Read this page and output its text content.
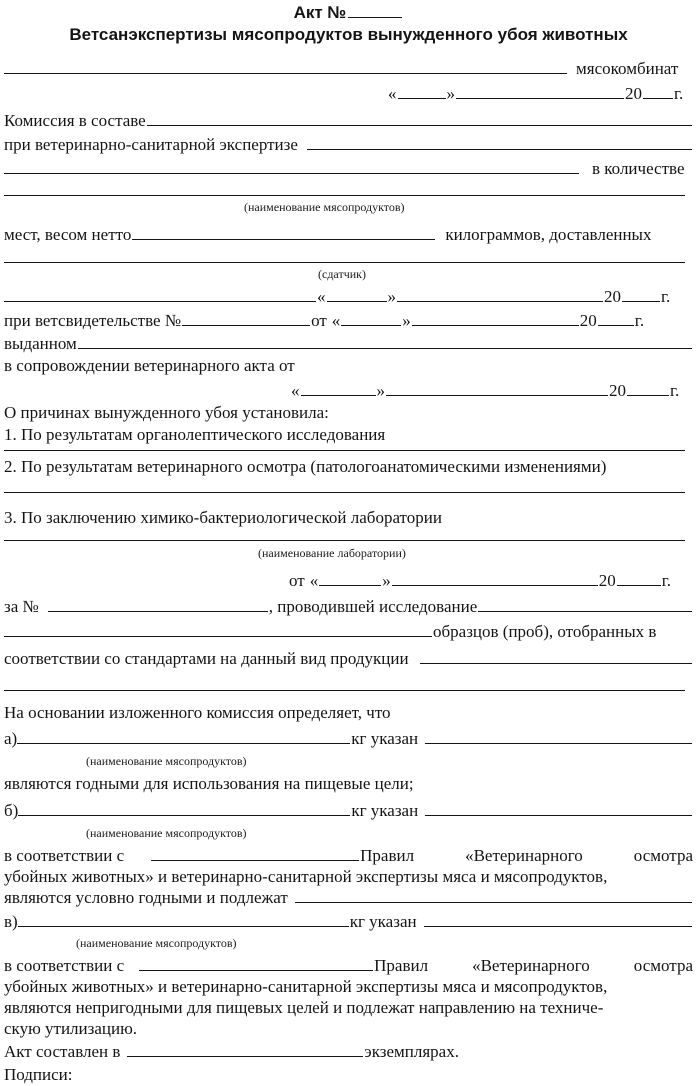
Акт №
Ветсанэкспертизы мясопродуктов вынужденного убоя животных
мясокомбинат
«	»	20 г.
Комиссия в составе
при ветеринарно-санитарной экспертизе
в количестве
(наименование мясопродуктов)
мест, весом нетто	килограммов, доставленных
(сдатчик)
«	»	20 г.
при ветсвидетельстве №	от «	»	20 г.
выданном
в сопровождении ветеринарного акта от
«	»	20	г.
О причинах вынужденного убоя установила:
1. По результатам органолептического исследования
2. По результатам ветеринарного осмотра (патологоанатомическими изменениями)
3. По заключению химико-бактериологической лаборатории
(наименование лаборатории)
от «	»	20	г.
за №	, проводившей исследование
образцов (проб), отобранных в
соответствии со стандартами на данный вид продукции
На основании изложенного комиссия определяет, что
а)	кг указан
(наименование мясопродуктов)
являются годными для использования на пищевые цели;
б)	кг указан
(наименование мясопродуктов)
в соответствии с	Правил «Ветеринарного осмотра
убойных животных» и ветеринарно-санитарной экспертизы мяса и мясопродуктов,
являются условно годными и подлежат
в)	кг указан
(наименование мясопродуктов)
в соответствии с	Правил «Ветеринарного осмотра
убойных животных» и ветеринарно-санитарной экспертизы мяса и мясопродуктов,
являются непригодными для пищевых целей и подлежат направлению на техниче-
скую утилизацию.
Акт составлен в	экземплярах.
Подписи:
